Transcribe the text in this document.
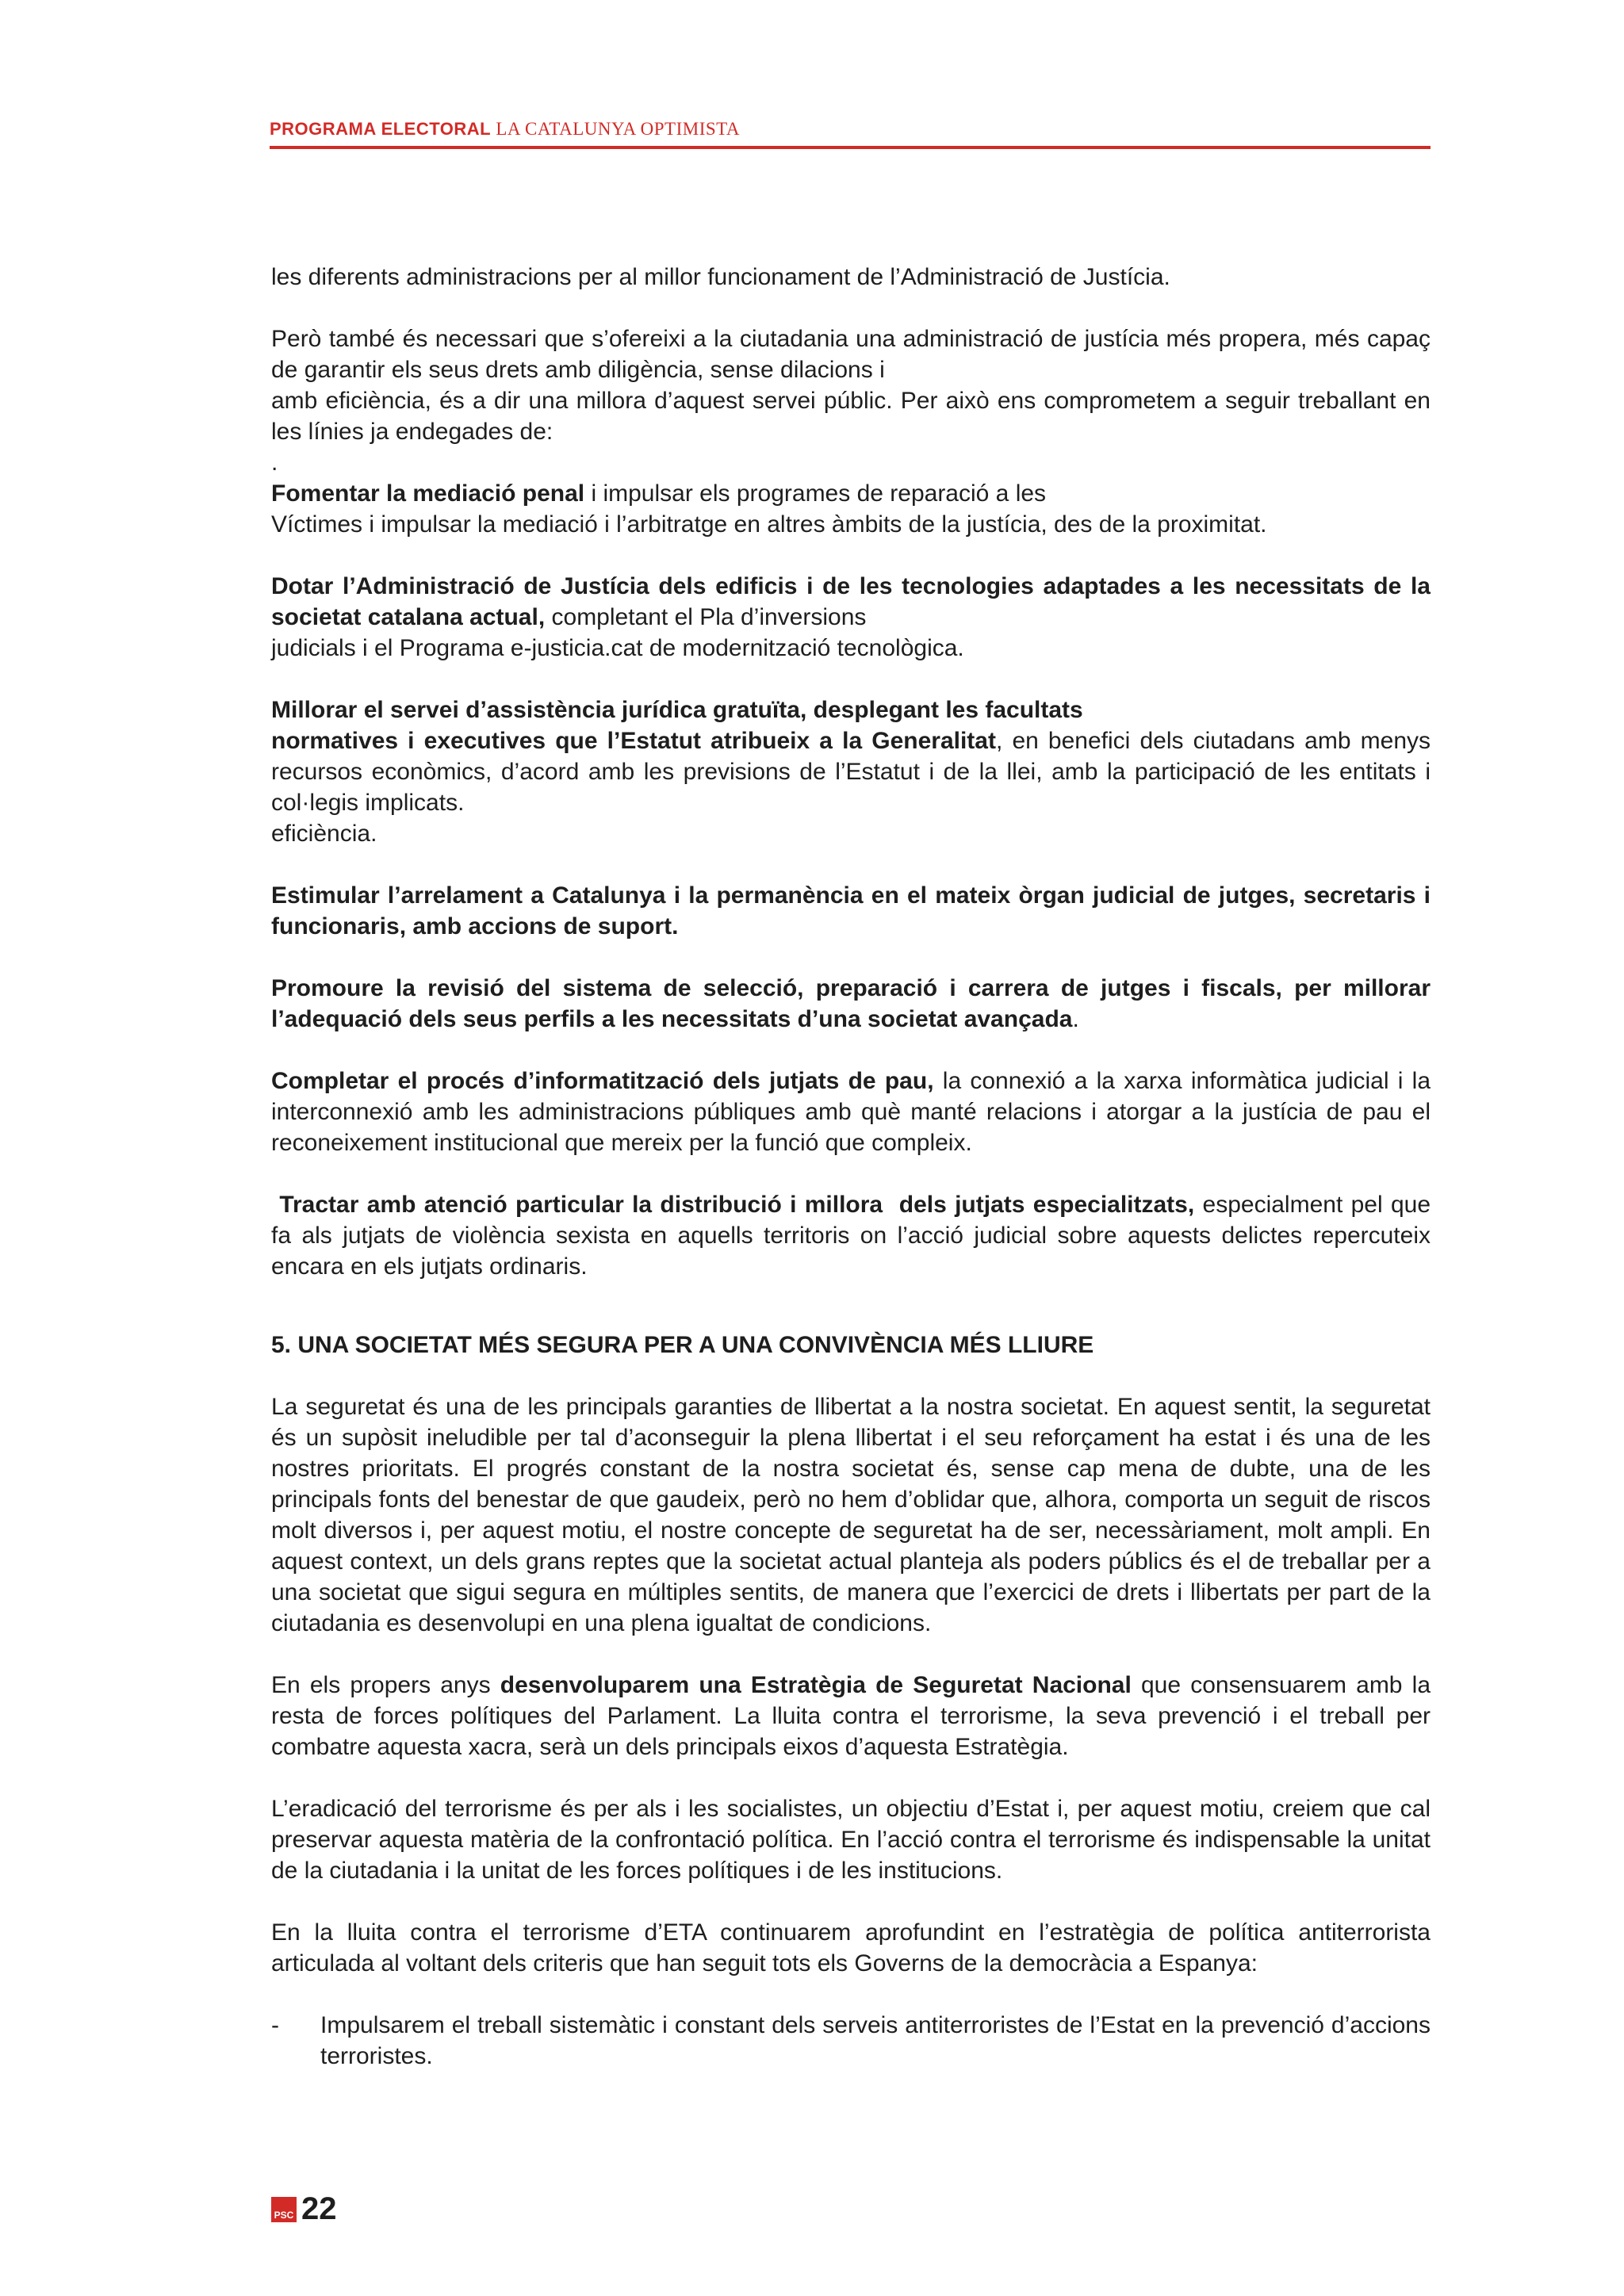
PROGRAMA ELECTORAL LA CATALUNYA OPTIMISTA

les diferents administracions per al millor funcionament de l’Administració de Justícia.

Però també és necessari que s’ofereixi a la ciutadania una administració de justícia més propera, més capaç de garantir els seus drets amb diligència, sense dilacions i
amb eficiència, és a dir una millora d’aquest servei públic. Per això ens comprometem a seguir treballant en les línies ja endegades de:
.
Fomentar la mediació penal i impulsar els programes de reparació a les
Víctimes i impulsar la mediació i l’arbitratge en altres àmbits de la justícia, des de la proximitat.

Dotar l’Administració de Justícia dels edificis i de les tecnologies adaptades a les necessitats de la societat catalana actual, completant el Pla d’inversions
judicials i el Programa e-justicia.cat de modernització tecnològica.

Millorar el servei d’assistència jurídica gratuïta, desplegant les facultats
normatives i executives que l’Estatut atribueix a la Generalitat, en benefici dels ciutadans amb menys recursos econòmics, d’acord amb les previsions de l’Estatut i de la llei, amb la participació de les entitats i col·legis implicats.
eficiència.

Estimular l’arrelament a Catalunya i la permanència en el mateix òrgan judicial de jutges, secretaris i funcionaris, amb accions de suport.

Promoure la revisió del sistema de selecció, preparació i carrera de jutges i fiscals, per millorar l’adequació dels seus perfils a les necessitats d’una societat avançada.

Completar el procés d’informatització dels jutjats de pau, la connexió a la xarxa informàtica judicial i la interconnexió amb les administracions públiques amb què manté relacions i atorgar a la justícia de pau el reconeixement institucional que mereix per la funció que compleix.

Tractar amb atenció particular la distribució i millora  dels jutjats especialitzats, especialment pel que fa als jutjats de violència sexista en aquells territoris on l’acció judicial sobre aquests delictes repercuteix encara en els jutjats ordinaris.

5. UNA SOCIETAT MÉS SEGURA PER A UNA CONVIVÈNCIA MÉS LLIURE

La seguretat és una de les principals garanties de llibertat a la nostra societat. En aquest sentit, la seguretat és un supòsit ineludible per tal d’aconseguir la plena llibertat i el seu reforçament ha estat i és una de les nostres prioritats. El progrés constant de la nostra societat és, sense cap mena de dubte, una de les principals fonts del benestar de que gaudeix, però no hem d’oblidar que, alhora, comporta un seguit de riscos molt diversos i, per aquest motiu, el nostre concepte de seguretat ha de ser, necessàriament, molt ampli. En aquest context, un dels grans reptes que la societat actual planteja als poders públics és el de treballar per a una societat que sigui segura en múltiples sentits, de manera que l’exercici de drets i llibertats per part de la ciutadania es desenvolupi en una plena igualtat de condicions.

En els propers anys desenvoluparem una Estratègia de Seguretat Nacional que consensuarem amb la resta de forces polítiques del Parlament. La lluita contra el terrorisme, la seva prevenció i el treball per combatre aquesta xacra, serà un dels principals eixos d’aquesta Estratègia.

L’eradicació del terrorisme és per als i les socialistes, un objectiu d’Estat i, per aquest motiu, creiem que cal preservar aquesta matèria de la confrontació política. En l’acció contra el terrorisme és indispensable la unitat de la ciutadania i la unitat de les forces polítiques i de les institucions.

En la lluita contra el terrorisme d’ETA continuarem aprofundint en l’estratègia de política antiterrorista articulada al voltant dels criteris que han seguit tots els Governs de la democràcia a Espanya:

-	Impulsarem el treball sistemàtic i constant dels serveis antiterroristes de l’Estat en la prevenció d’accions terroristes.
PSC 22
